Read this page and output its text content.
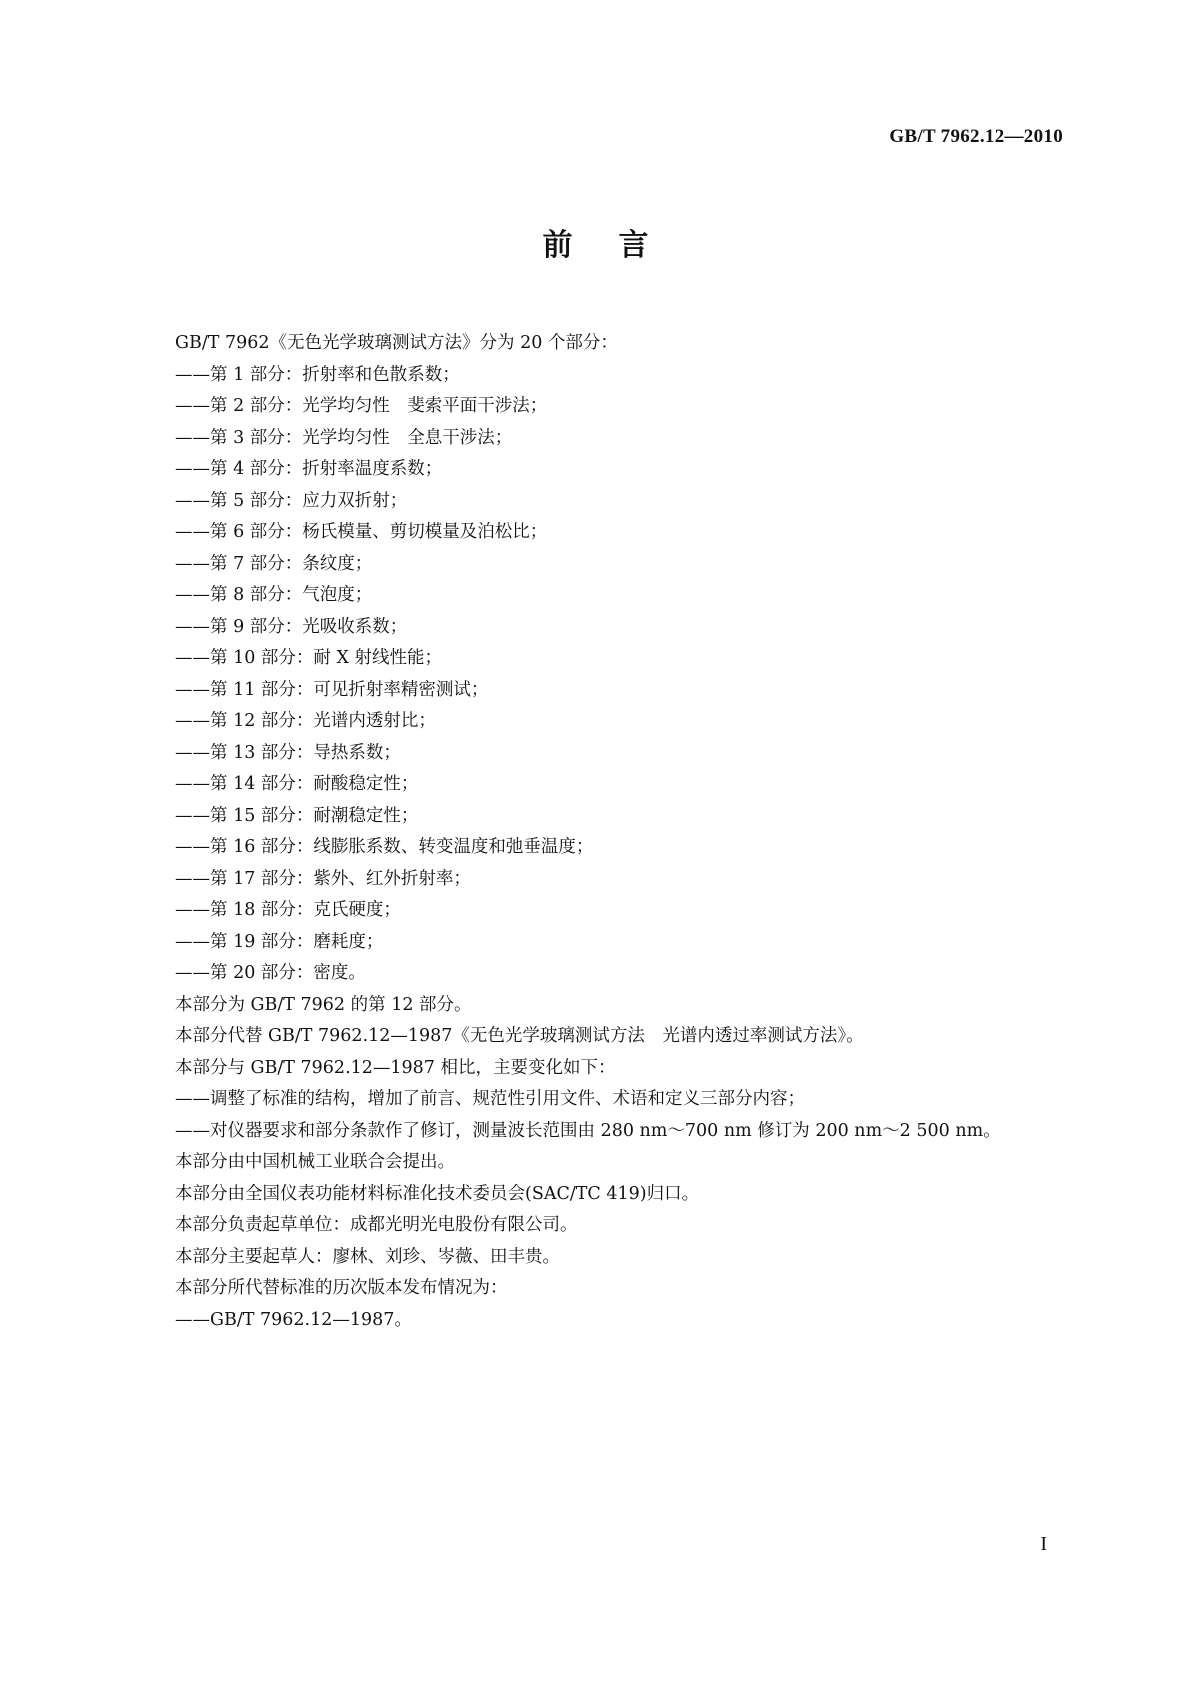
GB/T 7962.12—2010
前言
GB/T 7962《无色光学玻璃测试方法》分为 20 个部分：
——第 1 部分：折射率和色散系数；
——第 2 部分：光学均匀性　斐索平面干涉法；
——第 3 部分：光学均匀性　全息干涉法；
——第 4 部分：折射率温度系数；
——第 5 部分：应力双折射；
——第 6 部分：杨氏模量、剪切模量及泊松比；
——第 7 部分：条纹度；
——第 8 部分：气泡度；
——第 9 部分：光吸收系数；
——第 10 部分：耐 X 射线性能；
——第 11 部分：可见折射率精密测试；
——第 12 部分：光谱内透射比；
——第 13 部分：导热系数；
——第 14 部分：耐酸稳定性；
——第 15 部分：耐潮稳定性；
——第 16 部分：线膨胀系数、转变温度和弛垂温度；
——第 17 部分：紫外、红外折射率；
——第 18 部分：克氏硬度；
——第 19 部分：磨耗度；
——第 20 部分：密度。
本部分为 GB/T 7962 的第 12 部分。
本部分代替 GB/T 7962.12—1987《无色光学玻璃测试方法　光谱内透过率测试方法》。
本部分与 GB/T 7962.12—1987 相比，主要变化如下：
——调整了标准的结构，增加了前言、规范性引用文件、术语和定义三部分内容；
——对仪器要求和部分条款作了修订，测量波长范围由 280 nm～700 nm 修订为 200 nm～2 500 nm。
本部分由中国机械工业联合会提出。
本部分由全国仪表功能材料标准化技术委员会(SAC/TC 419)归口。
本部分负责起草单位：成都光明光电股份有限公司。
本部分主要起草人：廖林、刘珍、岑薇、田丰贵。
本部分所代替标准的历次版本发布情况为：
——GB/T 7962.12—1987。
I
